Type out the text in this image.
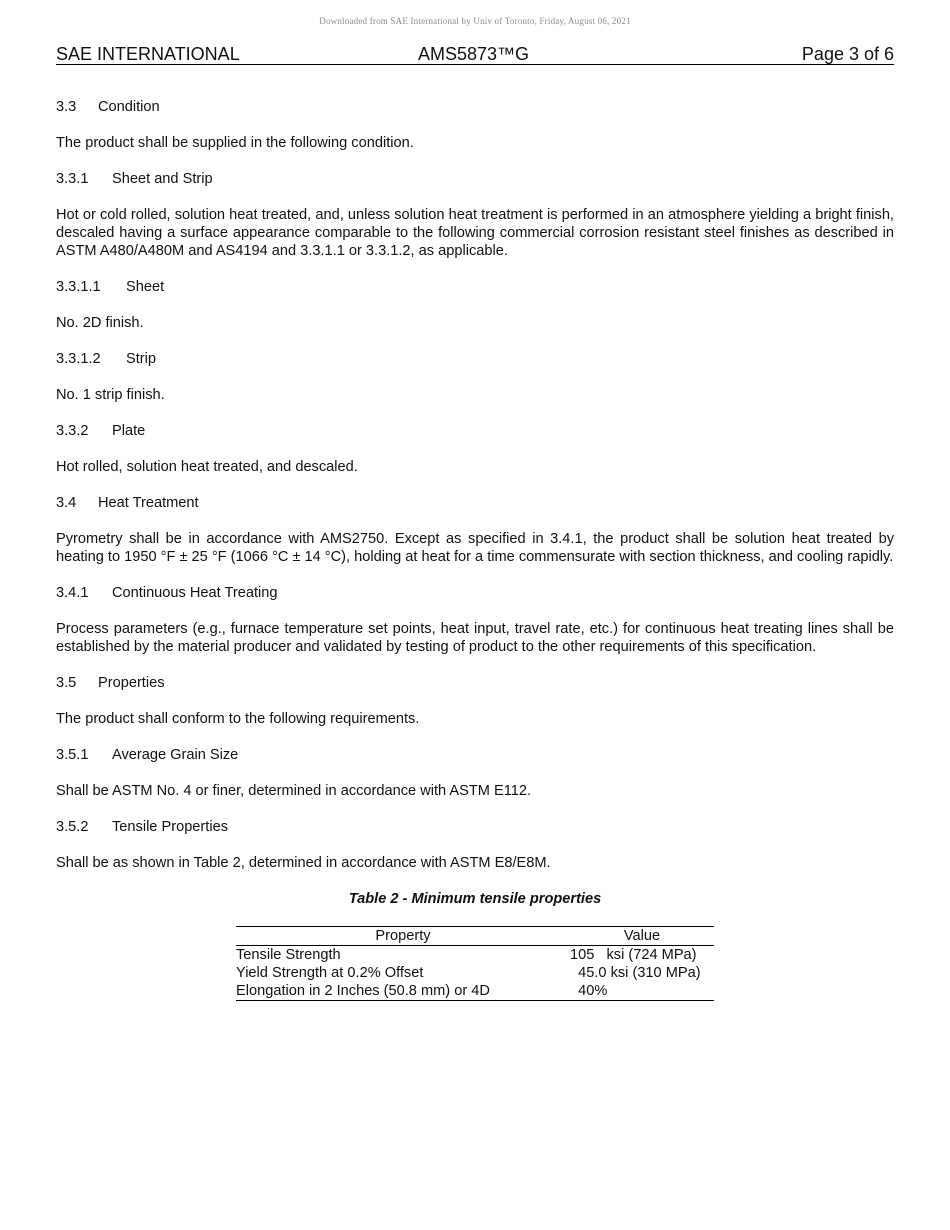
Downloaded from SAE International by Univ of Toronto, Friday, August 06, 2021
SAE INTERNATIONAL	AMS5873™G	Page 3 of 6
3.3 Condition
The product shall be supplied in the following condition.
3.3.1 Sheet and Strip
Hot or cold rolled, solution heat treated, and, unless solution heat treatment is performed in an atmosphere yielding a bright finish, descaled having a surface appearance comparable to the following commercial corrosion resistant steel finishes as described in ASTM A480/A480M and AS4194 and 3.3.1.1 or 3.3.1.2, as applicable.
3.3.1.1 Sheet
No. 2D finish.
3.3.1.2 Strip
No. 1 strip finish.
3.3.2 Plate
Hot rolled, solution heat treated, and descaled.
3.4 Heat Treatment
Pyrometry shall be in accordance with AMS2750. Except as specified in 3.4.1, the product shall be solution heat treated by heating to 1950 °F ± 25 °F (1066 °C ± 14 °C), holding at heat for a time commensurate with section thickness, and cooling rapidly.
3.4.1 Continuous Heat Treating
Process parameters (e.g., furnace temperature set points, heat input, travel rate, etc.) for continuous heat treating lines shall be established by the material producer and validated by testing of product to the other requirements of this specification.
3.5 Properties
The product shall conform to the following requirements.
3.5.1 Average Grain Size
Shall be ASTM No. 4 or finer, determined in accordance with ASTM E112.
3.5.2 Tensile Properties
Shall be as shown in Table 2, determined in accordance with ASTM E8/E8M.
Table 2 - Minimum tensile properties
Property	Value
Tensile Strength	105   ksi (724 MPa)
Yield Strength at 0.2% Offset	45.0 ksi (310 MPa)
Elongation in 2 Inches (50.8 mm) or 4D	40%
